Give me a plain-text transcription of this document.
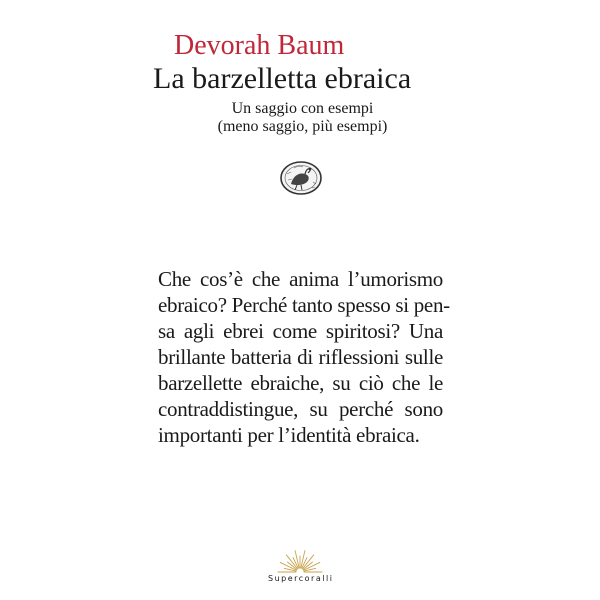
Devorah Baum
La barzelletta ebraica

Un saggio con esempi

(meno saggio, più esempi)

Che cos’è che anima l’umorismo
ebraico? Perché tanto spesso si pen-
sa agli ebrei come spiritosi? Una
brillante batteria di riflessioni sulle
barzellette ebraiche, su ciò che le
contraddistingue, su perché sono
importanti per l’identità ebraica.
Supercoralli
